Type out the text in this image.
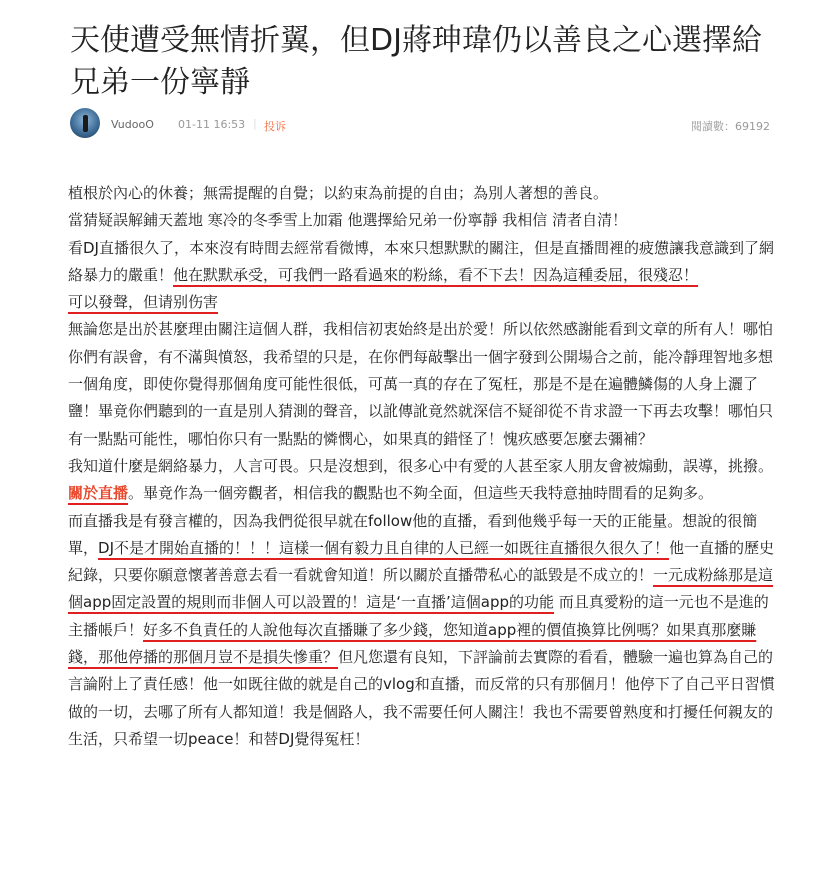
天使遭受無情折翼，但DJ蔣珅瑋仍以善良之心選擇給兄弟一份寧靜
VudooO 01-11 16:53 | 投诉	閱讀數：69192

植根於內心的休養；無需提醒的自覺；以約束為前提的自由；為別人著想的善良。

當猜疑誤解鋪天蓋地 寒冷的冬季雪上加霜 他選擇給兄弟一份寧靜 我相信 清者自清！

看DJ直播很久了，本來沒有時間去經常看微博，本來只想默默的關注，但是直播間裡的疲憊讓我意識到了網絡暴力的嚴重！他在默默承受，可我們一路看過來的粉絲，看不下去！因為這種委屈，很殘忍！

可以發聲，但请别伤害

無論您是出於甚麼理由關注這個人群，我相信初衷始終是出於愛！所以依然感謝能看到文章的所有人！哪怕你們有誤會，有不滿與憤怒，我希望的只是，在你們每敲擊出一個字發到公開場合之前，能冷靜理智地多想一個角度，即使你覺得那個角度可能性很低，可萬一真的存在了冤枉，那是不是在遍體鱗傷的人身上灑了鹽！畢竟你們聽到的一直是別人猜測的聲音，以訛傳訛竟然就深信不疑卻從不肯求證一下再去攻擊！哪怕只有一點點可能性，哪怕你只有一點點的憐憫心，如果真的錯怪了！愧疚感要怎麼去彌補？

我知道什麼是網絡暴力，人言可畏。只是沒想到，很多心中有愛的人甚至家人朋友會被煽動，誤導，挑撥。

關於直播。畢竟作為一個旁觀者，相信我的觀點也不夠全面，但這些天我特意抽時間看的足夠多。

而直播我是有發言權的，因為我們從很早就在follow他的直播，看到他幾乎每一天的正能量。想說的很簡單，DJ不是才開始直播的！！！這樣一個有毅力且自律的人已經一如既往直播很久很久了！他一直播的歷史紀錄，只要你願意懷著善意去看一看就會知道！所以關於直播帶私心的詆毀是不成立的！一元成粉絲那是這個app固定設置的規則而非個人可以設置的！這是‘一直播’這個app的功能 而且真愛粉的這一元也不是進的主播帳戶！好多不負責任的人說他每次直播賺了多少錢，您知道app裡的價值換算比例嗎？如果真那麼賺錢，那他停播的那個月豈不是損失慘重？但凡您還有良知，下評論前去實際的看看，體驗一遍也算為自己的言論附上了責任感！他一如既往做的就是自己的vlog和直播，而反常的只有那個月！他停下了自己平日習慣做的一切，去哪了所有人都知道！我是個路人，我不需要任何人關注！我也不需要曾熟度和打擾任何親友的生活，只希望一切peace！和替DJ覺得冤枉！
